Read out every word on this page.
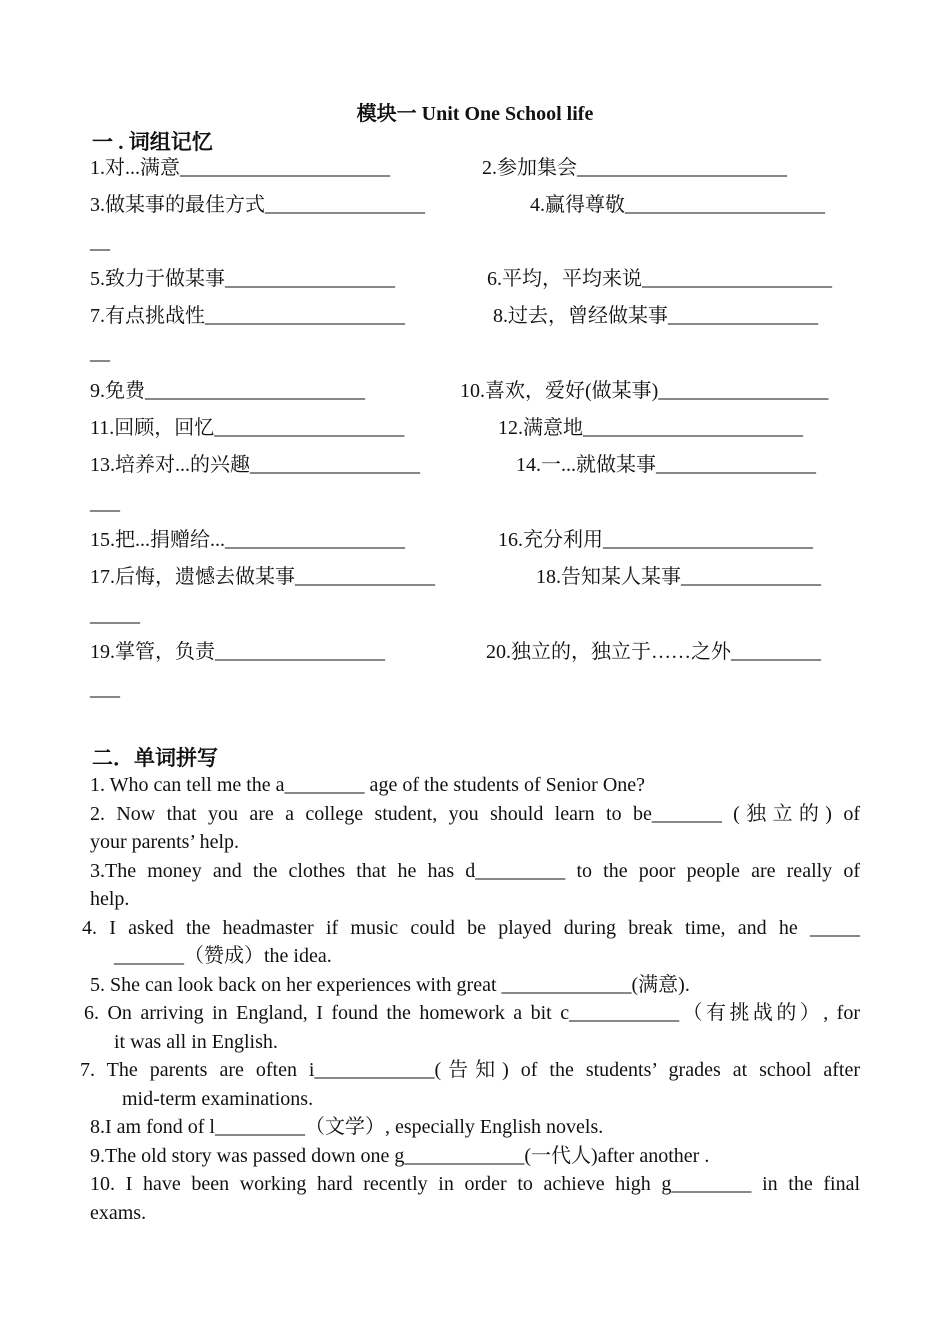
模块一 Unit One School life
一 . 词组记忆
1.对...满意_____________________	2.参加集会_____________________
3.做某事的最佳方式________________	4.赢得尊敬____________________
__
5.致力于做某事_________________	6.平均，平均来说___________________
7.有点挑战性____________________	8.过去，曾经做某事_______________
__
9.免费______________________	10.喜欢，爱好(做某事)_________________
11.回顾，回忆___________________	12.满意地______________________
13.培养对...的兴趣_________________	14.一...就做某事________________
___
15.把...捐赠给...__________________	16.充分利用_____________________
17.后悔，遗憾去做某事______________	18.告知某人某事______________
_____
19.掌管，负责_________________	20.独立的，独立于……之外_________
___
二．单词拼写

1. Who can tell me the a________ age of the students of Senior One?

2. Now that you are a college student, you should learn to be_______ (独立的) of

your parents’ help.

3.The money and the clothes that he has d_________ to the poor people are really of

help.

4. I asked the headmaster if music could be played during break time, and he _____

_______（赞成）the idea.

5. She can look back on her experiences with great _____________(满意).

6. On arriving in England, I found the homework a bit c___________（有挑战的）, for

it was all in English.

7. The parents are often i____________(告知) of the students’ grades at school after

mid-term examinations.

8.I am fond of l_________（文学）, especially English novels.

9.The old story was passed down one g____________(一代人)after another .

10. I have been working hard recently in order to achieve high g________ in the final

exams.
